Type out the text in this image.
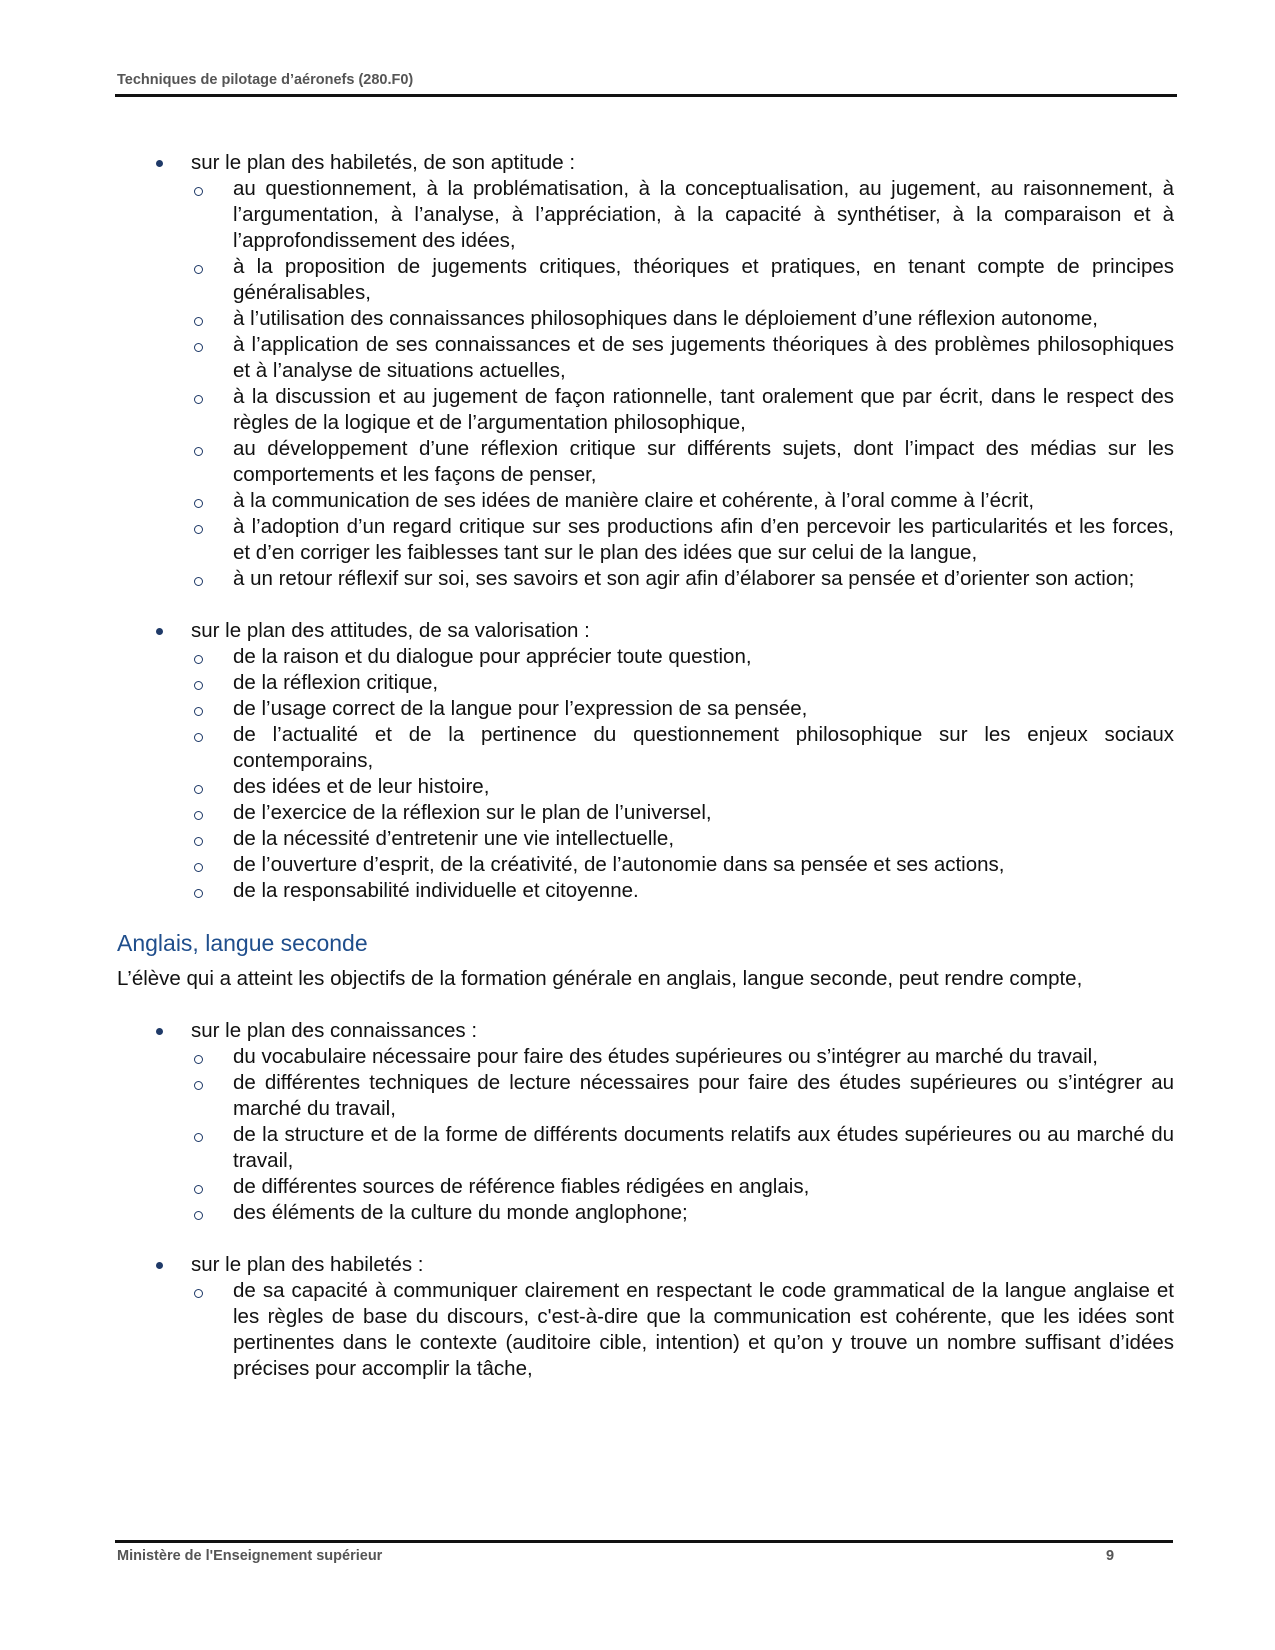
Techniques de pilotage d’aéronefs (280.F0)
sur le plan des habiletés, de son aptitude :
au questionnement, à la problématisation, à la conceptualisation, au jugement, au raisonnement, à l’argumentation, à l’analyse, à l’appréciation, à la capacité à synthétiser, à la comparaison et à l’approfondissement des idées,
à la proposition de jugements critiques, théoriques et pratiques, en tenant compte de principes généralisables,
à l’utilisation des connaissances philosophiques dans le déploiement d’une réflexion autonome,
à l’application de ses connaissances et de ses jugements théoriques à des problèmes philosophiques et à l’analyse de situations actuelles,
à la discussion et au jugement de façon rationnelle, tant oralement que par écrit, dans le respect des règles de la logique et de l’argumentation philosophique,
au développement d’une réflexion critique sur différents sujets, dont l’impact des médias sur les comportements et les façons de penser,
à la communication de ses idées de manière claire et cohérente, à l’oral comme à l’écrit,
à l’adoption d’un regard critique sur ses productions afin d’en percevoir les particularités et les forces, et d’en corriger les faiblesses tant sur le plan des idées que sur celui de la langue,
à un retour réflexif sur soi, ses savoirs et son agir afin d’élaborer sa pensée et d’orienter son action;
sur le plan des attitudes, de sa valorisation :
de la raison et du dialogue pour apprécier toute question,
de la réflexion critique,
de l’usage correct de la langue pour l’expression de sa pensée,
de l’actualité et de la pertinence du questionnement philosophique sur les enjeux sociaux contemporains,
des idées et de leur histoire,
de l’exercice de la réflexion sur le plan de l’universel,
de la nécessité d’entretenir une vie intellectuelle,
de l’ouverture d’esprit, de la créativité, de l’autonomie dans sa pensée et ses actions,
de la responsabilité individuelle et citoyenne.
Anglais, langue seconde

L’élève qui a atteint les objectifs de la formation générale en anglais, langue seconde, peut rendre compte,

sur le plan des connaissances :
du vocabulaire nécessaire pour faire des études supérieures ou s’intégrer au marché du travail,
de différentes techniques de lecture nécessaires pour faire des études supérieures ou s’intégrer au marché du travail,
de la structure et de la forme de différents documents relatifs aux études supérieures ou au marché du travail,
de différentes sources de référence fiables rédigées en anglais,
des éléments de la culture du monde anglophone;
sur le plan des habiletés :
de sa capacité à communiquer clairement en respectant le code grammatical de la langue anglaise et les règles de base du discours, c'est-à-dire que la communication est cohérente, que les idées sont pertinentes dans le contexte (auditoire cible, intention) et qu’on y trouve un nombre suffisant d’idées précises pour accomplir la tâche,
Ministère de l'Enseignement supérieur	9
